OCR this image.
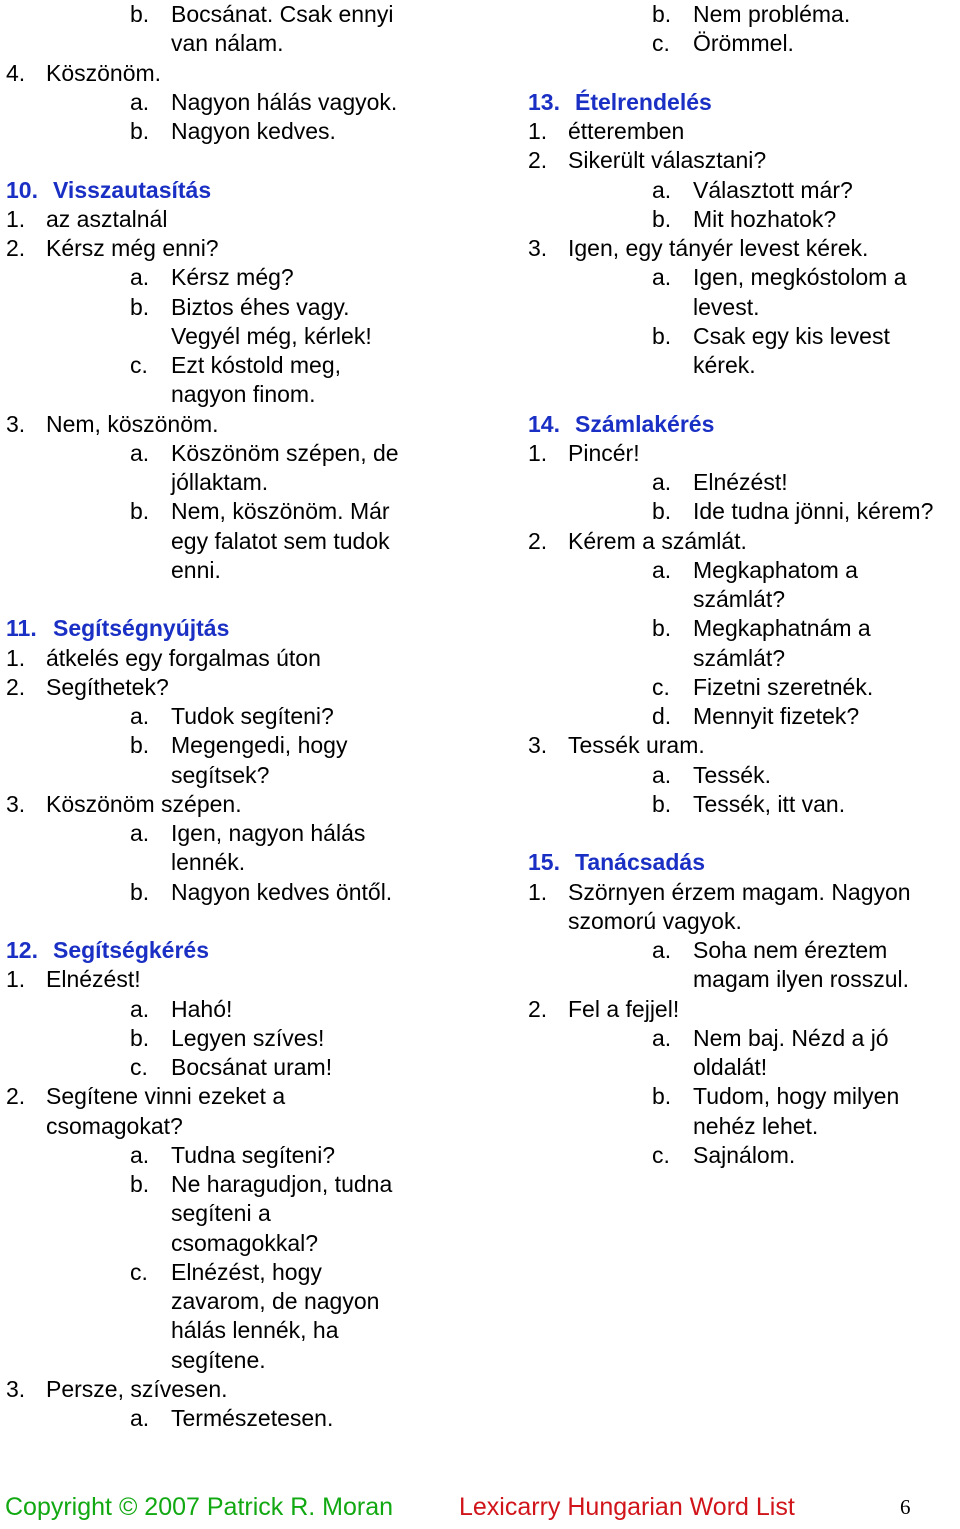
b. Bocsánat. Csak ennyi
van nálam.
4. Köszönöm.
a. Nagyon hálás vagyok.
b. Nagyon kedves.
10. Visszautasítás
1. az asztalnál
2. Kérsz még enni?
a. Kérsz még?
b. Biztos éhes vagy.
Vegyél még, kérlek!
c. Ezt kóstold meg,
nagyon finom.
3. Nem, köszönöm.
a. Köszönöm szépen, de
jóllaktam.
b. Nem, köszönöm. Már
egy falatot sem tudok
enni.
11. Segítségnyújtás
1. átkelés egy forgalmas úton
2. Segíthetek?
a. Tudok segíteni?
b. Megengedi, hogy
segítsek?
3. Köszönöm szépen.
a. Igen, nagyon hálás
lennék.
b. Nagyon kedves öntől.
12. Segítségkérés
1. Elnézést!
a. Hahó!
b. Legyen szíves!
c. Bocsánat uram!
2. Segítene vinni ezeket a
csomagokat?
a. Tudna segíteni?
b. Ne haragudjon, tudna
segíteni a
csomagokkal?
c. Elnézést, hogy
zavarom, de nagyon
hálás lennék, ha
segítene.
3. Persze, szívesen.
a. Természetesen.
b. Nem probléma.
c. Örömmel.
13. Ételrendelés
1. étteremben
2. Sikerült választani?
a. Választott már?
b. Mit hozhatok?
3. Igen, egy tányér levest kérek.
a. Igen, megkóstolom a
levest.
b. Csak egy kis levest
kérek.
14. Számlakérés
1. Pincér!
a. Elnézést!
b. Ide tudna jönni, kérem?
2. Kérem a számlát.
a. Megkaphatom a
számlát?
b. Megkaphatnám a
számlát?
c. Fizetni szeretnék.
d. Mennyit fizetek?
3. Tessék uram.
a. Tessék.
b. Tessék, itt van.
15. Tanácsadás
1. Szörnyen érzem magam. Nagyon
szomorú vagyok.
a. Soha nem éreztem
magam ilyen rosszul.
2. Fel a fejjel!
a. Nem baj. Nézd a jó
oldalát!
b. Tudom, hogy milyen
nehéz lehet.
c. Sajnálom.
Copyright © 2007 Patrick R. Moran	Lexicarry Hungarian Word List	6
